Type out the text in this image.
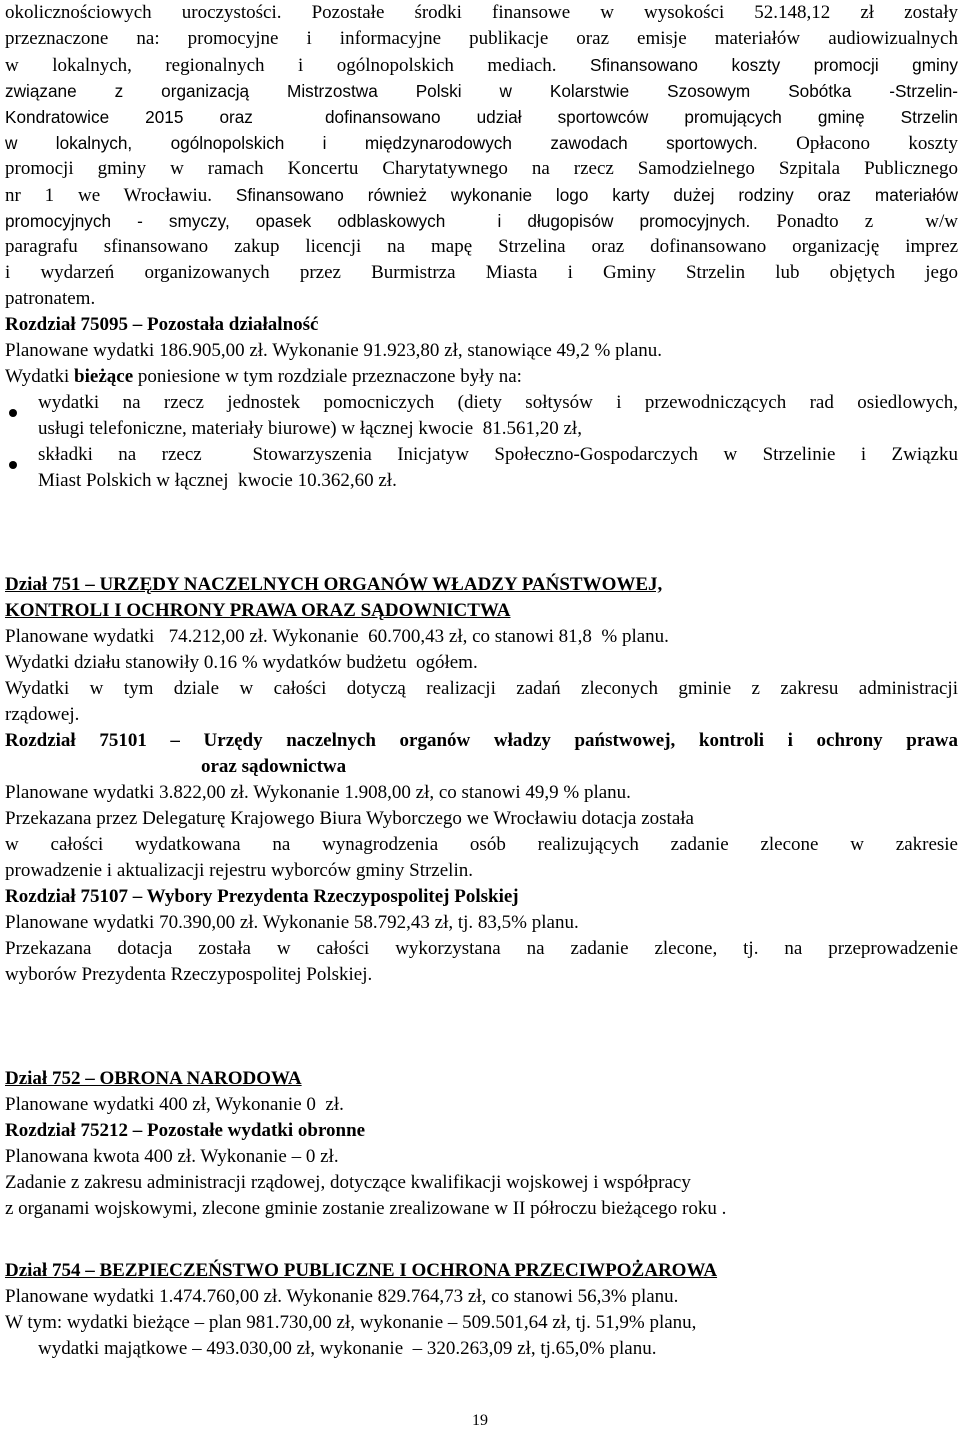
okolicznościowych uroczystości. Pozostałe środki finansowe w wysokości 52.148,12 zł zostały
przeznaczone na: promocyjne i informacyjne publikacje oraz emisje materiałów audiowizualnych
w lokalnych, regionalnych i ogólnopolskich mediach. Sfinansowano koszty promocji gminy
związane z organizacją Mistrzostwa Polski w Kolarstwie Szosowym Sobótka -Strzelin-
Kondratowice 2015 oraz  dofinansowano udział sportowców promujących gminę Strzelin
w lokalnych, ogólnopolskich i międzynarodowych zawodach sportowych. Opłacono koszty
promocji gminy w ramach Koncertu Charytatywnego na rzecz Samodzielnego Szpitala Publicznego
nr 1 we Wrocławiu. Sfinansowano również wykonanie logo karty dużej rodziny oraz materiałów
promocyjnych - smyczy, opasek odblaskowych  i długopisów promocyjnych. Ponadto z  w/w
paragrafu sfinansowano zakup licencji na mapę Strzelina oraz dofinansowano organizację imprez
i wydarzeń organizowanych przez Burmistrza Miasta i Gminy Strzelin lub objętych jego
patronatem.
Rozdział 75095 – Pozostała działalność
Planowane wydatki 186.905,00 zł. Wykonanie 91.923,80 zł, stanowiące 49,2 % planu.
Wydatki bieżące poniesione w tym rozdziale przeznaczone były na:
wydatki na rzecz jednostek pomocniczych (diety sołtysów i przewodniczących rad osiedlowych,
usługi telefoniczne, materiały biurowe) w łącznej kwocie  81.561,20 zł,
składki na rzecz  Stowarzyszenia Inicjatyw Społeczno-Gospodarczych w Strzelinie i Związku
Miast Polskich w łącznej  kwocie 10.362,60 zł.
Dział 751 – URZĘDY NACZELNYCH ORGANÓW WŁADZY PAŃSTWOWEJ,
KONTROLI I OCHRONY PRAWA ORAZ SĄDOWNICTWA
Planowane wydatki   74.212,00 zł. Wykonanie  60.700,43 zł, co stanowi 81,8  % planu.
Wydatki działu stanowiły 0.16 % wydatków budżetu  ogółem.
Wydatki w tym dziale w całości dotyczą realizacji zadań zleconych gminie z zakresu administracji
rządowej.
Rozdział 75101 – Urzędy naczelnych organów władzy państwowej, kontroli i ochrony prawa
oraz sądownictwa
Planowane wydatki 3.822,00 zł. Wykonanie 1.908,00 zł, co stanowi 49,9 % planu.
Przekazana przez Delegaturę Krajowego Biura Wyborczego we Wrocławiu dotacja została
w całości wydatkowana na wynagrodzenia osób realizujących zadanie zlecone w zakresie
prowadzenie i aktualizacji rejestru wyborców gminy Strzelin.
Rozdział 75107 – Wybory Prezydenta Rzeczypospolitej Polskiej
Planowane wydatki 70.390,00 zł. Wykonanie 58.792,43 zł, tj. 83,5% planu.
Przekazana dotacja została w całości wykorzystana na zadanie zlecone, tj. na przeprowadzenie
wyborów Prezydenta Rzeczypospolitej Polskiej.
Dział 752 – OBRONA NARODOWA
Planowane wydatki 400 zł, Wykonanie 0  zł.
Rozdział 75212 – Pozostałe wydatki obronne
Planowana kwota 400 zł. Wykonanie – 0 zł.
Zadanie z zakresu administracji rządowej, dotyczące kwalifikacji wojskowej i współpracy
z organami wojskowymi, zlecone gminie zostanie zrealizowane w II półroczu bieżącego roku .
Dział 754 – BEZPIECZEŃSTWO PUBLICZNE I OCHRONA PRZECIWPOŻAROWA
Planowane wydatki 1.474.760,00 zł. Wykonanie 829.764,73 zł, co stanowi 56,3% planu.
W tym: wydatki bieżące – plan 981.730,00 zł, wykonanie – 509.501,64 zł, tj. 51,9% planu,
wydatki majątkowe – 493.030,00 zł, wykonanie  – 320.263,09 zł, tj.65,0% planu.
19
